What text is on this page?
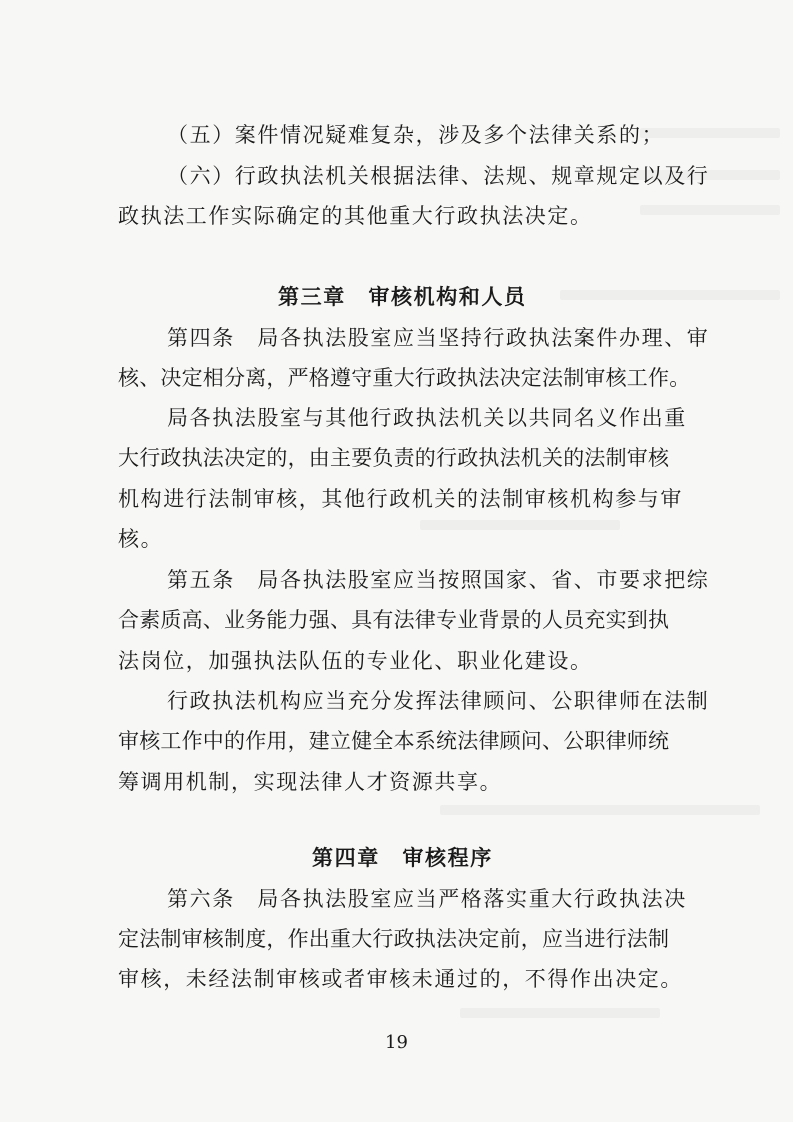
（五）案件情况疑难复杂，涉及多个法律关系的；
（六）行政执法机关根据法律、法规、规章规定以及行
政执法工作实际确定的其他重大行政执法决定。
第三章　审核机构和人员
第四条　局各执法股室应当坚持行政执法案件办理、审
核、决定相分离，严格遵守重大行政执法决定法制审核工作。
局各执法股室与其他行政执法机关以共同名义作出重
大行政执法决定的，由主要负责的行政执法机关的法制审核
机构进行法制审核，其他行政机关的法制审核机构参与审
核。
第五条　局各执法股室应当按照国家、省、市要求把综
合素质高、业务能力强、具有法律专业背景的人员充实到执
法岗位，加强执法队伍的专业化、职业化建设。
行政执法机构应当充分发挥法律顾问、公职律师在法制
审核工作中的作用，建立健全本系统法律顾问、公职律师统
筹调用机制，实现法律人才资源共享。
第四章　审核程序
第六条　局各执法股室应当严格落实重大行政执法决
定法制审核制度，作出重大行政执法决定前，应当进行法制
审核，未经法制审核或者审核未通过的，不得作出决定。
19
